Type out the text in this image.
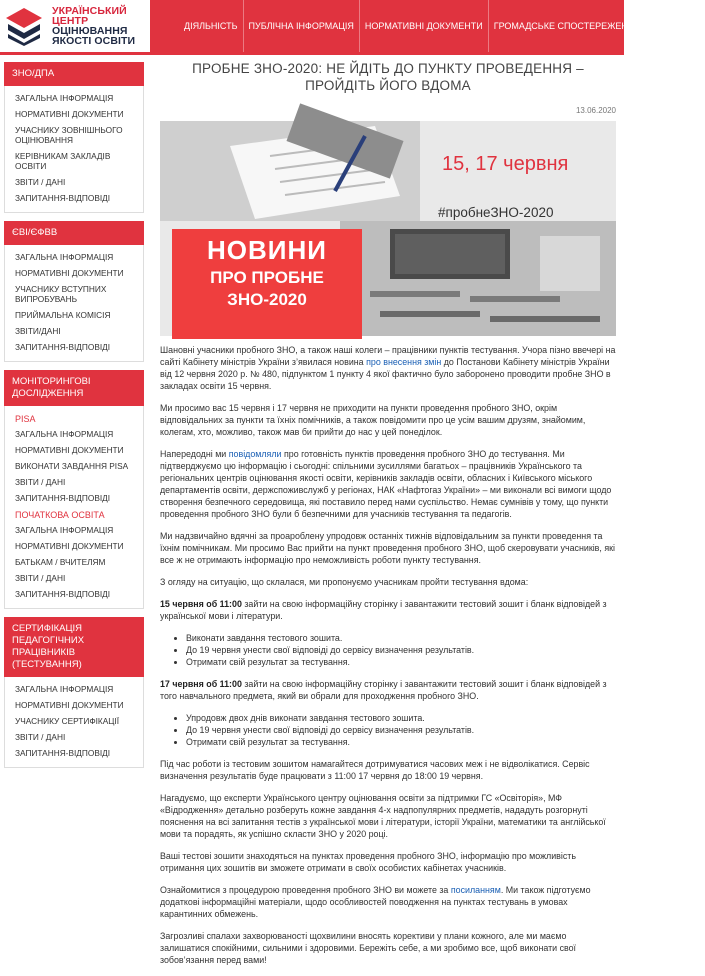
УКРАЇНСЬКИЙ
ЦЕНТР
ОЦІНЮВАННЯ
ЯКОСТІ ОСВІТИ
ДІЯЛЬНІСТЬ	ПУБЛІЧНА ІНФОРМАЦІЯ	НОРМАТИВНІ ДОКУМЕНТИ	ГРОМАДСЬКЕ СПОСТЕРЕЖЕННЯ	КОНТАКТИ
ЗНО/ДПА
ЗАГАЛЬНА ІНФОРМАЦІЯ
НОРМАТИВНІ ДОКУМЕНТИ
УЧАСНИКУ ЗОВНІШНЬОГО ОЦІНЮВАННЯ
КЕРІВНИКАМ ЗАКЛАДІВ ОСВІТИ
ЗВІТИ / ДАНІ
ЗАПИТАННЯ-ВІДПОВІДІ
ЄВІ/ЄФВВ
ЗАГАЛЬНА ІНФОРМАЦІЯ
НОРМАТИВНІ ДОКУМЕНТИ
УЧАСНИКУ ВСТУПНИХ ВИПРОБУВАНЬ
ПРИЙМАЛЬНА КОМІСІЯ
ЗВІТИ/ДАНІ
ЗАПИТАННЯ-ВІДПОВІДІ
МОНІТОРИНГОВІ ДОСЛІДЖЕННЯ
PISA
ЗАГАЛЬНА ІНФОРМАЦІЯ
НОРМАТИВНІ ДОКУМЕНТИ
ВИКОНАТИ ЗАВДАННЯ PISA
ЗВІТИ / ДАНІ
ЗАПИТАННЯ-ВІДПОВІДІ
ПОЧАТКОВА ОСВІТА
ЗАГАЛЬНА ІНФОРМАЦІЯ
НОРМАТИВНІ ДОКУМЕНТИ
БАТЬКАМ / ВЧИТЕЛЯМ
ЗВІТИ / ДАНІ
ЗАПИТАННЯ-ВІДПОВІДІ
СЕРТИФІКАЦІЯ ПЕДАГОГІЧНИХ ПРАЦІВНИКІВ (ТЕСТУВАННЯ)
ЗАГАЛЬНА ІНФОРМАЦІЯ
НОРМАТИВНІ ДОКУМЕНТИ
УЧАСНИКУ СЕРТИФІКАЦІЇ
ЗВІТИ / ДАНІ
ЗАПИТАННЯ-ВІДПОВІДІ
ПРОБНЕ ЗНО-2020: НЕ ЙДІТЬ ДО ПУНКТУ ПРОВЕДЕННЯ – ПРОЙДІТЬ ЙОГО ВДОМА
13.06.2020
15, 17 червня
#пробнеЗНО-2020
НОВИНИ
ПРО ПРОБНЕ
ЗНО-2020

Шановні учасники пробного ЗНО, а також наші колеги – працівники пунктів тестування. Учора пізно ввечері на сайті Кабінету міністрів України з’явилася новина про внесення змін до Постанови Кабінету міністрів України від 12 червня 2020 р. № 480, підпунктом 1 пункту 4 якої фактично було заборонено проводити пробне ЗНО в закладах освіти 15 червня.

Ми просимо вас 15 червня і 17 червня не приходити на пункти проведення пробного ЗНО, окрім відповідальних за пункти та їхніх помічників, а також повідомити про це усім вашим друзям, знайомим, колегам, хто, можливо, також мав би прийти до нас у цей понеділок.

Напередодні ми повідомляли про готовність пунктів проведення пробного ЗНО до тестування. Ми підтверджуємо цю інформацію і сьогодні: спільними зусиллями багатьох – працівників Українського та регіональних центрів оцінювання якості освіти, керівників закладів освіти, обласних і Київського міського департаментів освіти, держспоживслужб у регіонах, НАК «Нафтогаз України» – ми виконали всі вимоги щодо створення безпечного середовища, які поставило перед нами суспільство. Немає сумнівів у тому, що пункти проведення пробного ЗНО були б безпечними для учасників тестування та педагогів.

Ми надзвичайно вдячні за проароблену упродовж останніх тижнів відповідальним за пункти проведення та їхнім помічникам. Ми просимо Вас прийти на пункт проведення пробного ЗНО, щоб скеровувати учасників, які все ж не отримають інформацію про неможливість роботи пункту тестування.

З огляду на ситуацію, що склалася, ми пропонуємо учасникам пройти тестування вдома:

15 червня об 11:00 зайти на свою інформаційну сторінку і завантажити тестовий зошит і бланк відповідей з української мови і літератури.

• Виконати завдання тестового зошита.
• До 19 червня унести свої відповіді до сервісу визначення результатів.
• Отримати свій результат за тестування.

17 червня об 11:00 зайти на свою інформаційну сторінку і завантажити тестовий зошит і бланк відповідей з того навчального предмета, який ви обрали для проходження пробного ЗНО.

• Упродовж двох днів виконати завдання тестового зошита.
• До 19 червня унести свої відповіді до сервісу визначення результатів.
• Отримати свій результат за тестування.

Під час роботи із тестовим зошитом намагайтеся дотримуватися часових меж і не відволікатися. Сервіс визначення результатів буде працювати з 11:00 17 червня до 18:00 19 червня.

Нагадуємо, що експерти Українського центру оцінювання освіти за підтримки ГС «Освіторія», МФ «Відродження» детально розберуть кожне завдання 4-х надпопулярних предметів, нададуть розгорнуті пояснення на всі запитання тестів з української мови і літератури, історії України, математики та англійської мови та порадять, як успішно скласти ЗНО у 2020 році.

Ваші тестові зошити знаходяться на пунктах проведення пробного ЗНО, інформацію про можливість отримання цих зошитів ви зможете отримати в своїх особистих кабінетах учасників.

Ознайомитися з процедурою проведення пробного ЗНО ви можете за посиланням. Ми також підготуємо додаткові інформаційні матеріали, щодо особливостей поводження на пунктах тестувань в умовах карантинних обмежень.

Загрозливі спалахи захворюваності щохвилини вносять корективи у плани кожного, але ми маємо залишатися спокійними, сильними і здоровими. Бережіть себе, а ми зробимо все, щоб виконати свої зобов’язання перед вами!
